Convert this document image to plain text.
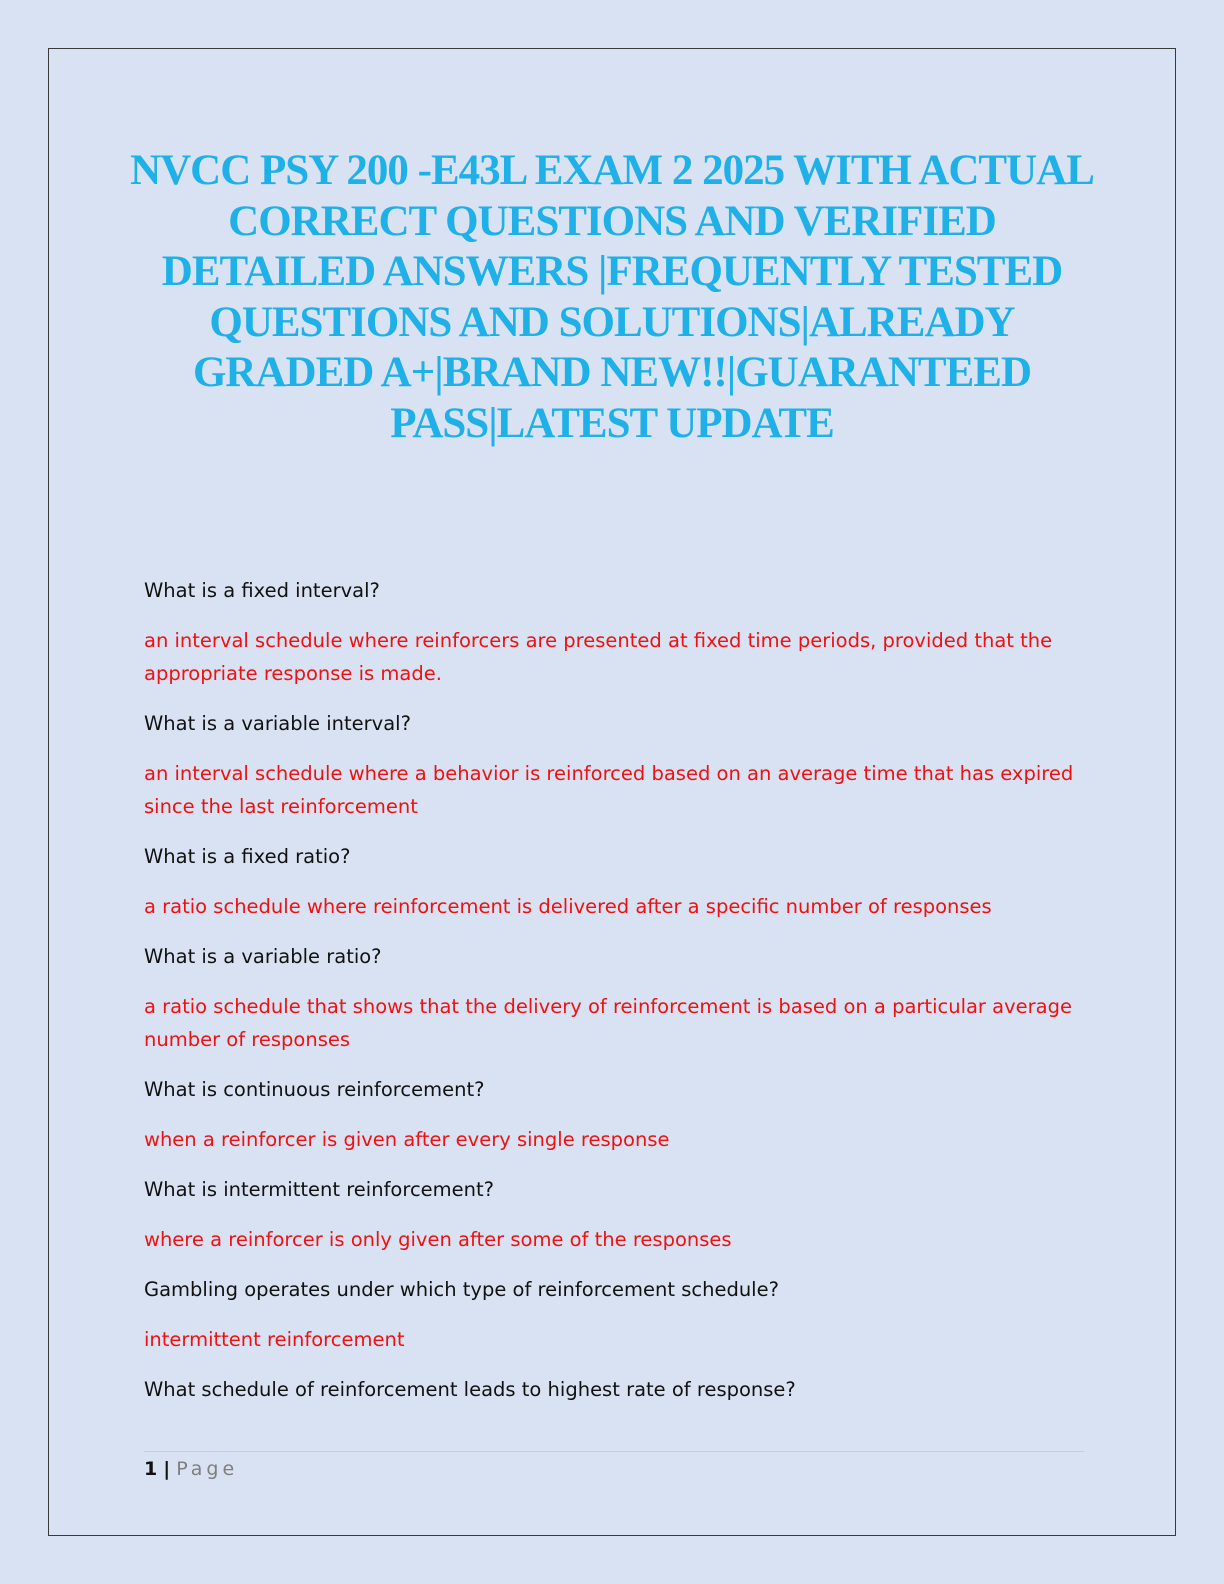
NVCC PSY 200 -E43L EXAM 2 2025 WITH ACTUAL CORRECT QUESTIONS AND VERIFIED DETAILED ANSWERS |FREQUENTLY TESTED QUESTIONS AND SOLUTIONS|ALREADY GRADED A+|BRAND NEW!!|GUARANTEED PASS|LATEST UPDATE

What is a fixed interval?

an interval schedule where reinforcers are presented at fixed time periods, provided that the appropriate response is made.

What is a variable interval?

an interval schedule where a behavior is reinforced based on an average time that has expired since the last reinforcement

What is a fixed ratio?

a ratio schedule where reinforcement is delivered after a specific number of responses

What is a variable ratio?

a ratio schedule that shows that the delivery of reinforcement is based on a particular average number of responses

What is continuous reinforcement?

when a reinforcer is given after every single response

What is intermittent reinforcement?

where a reinforcer is only given after some of the responses

Gambling operates under which type of reinforcement schedule?

intermittent reinforcement

What schedule of reinforcement leads to highest rate of response?

1 | Page
